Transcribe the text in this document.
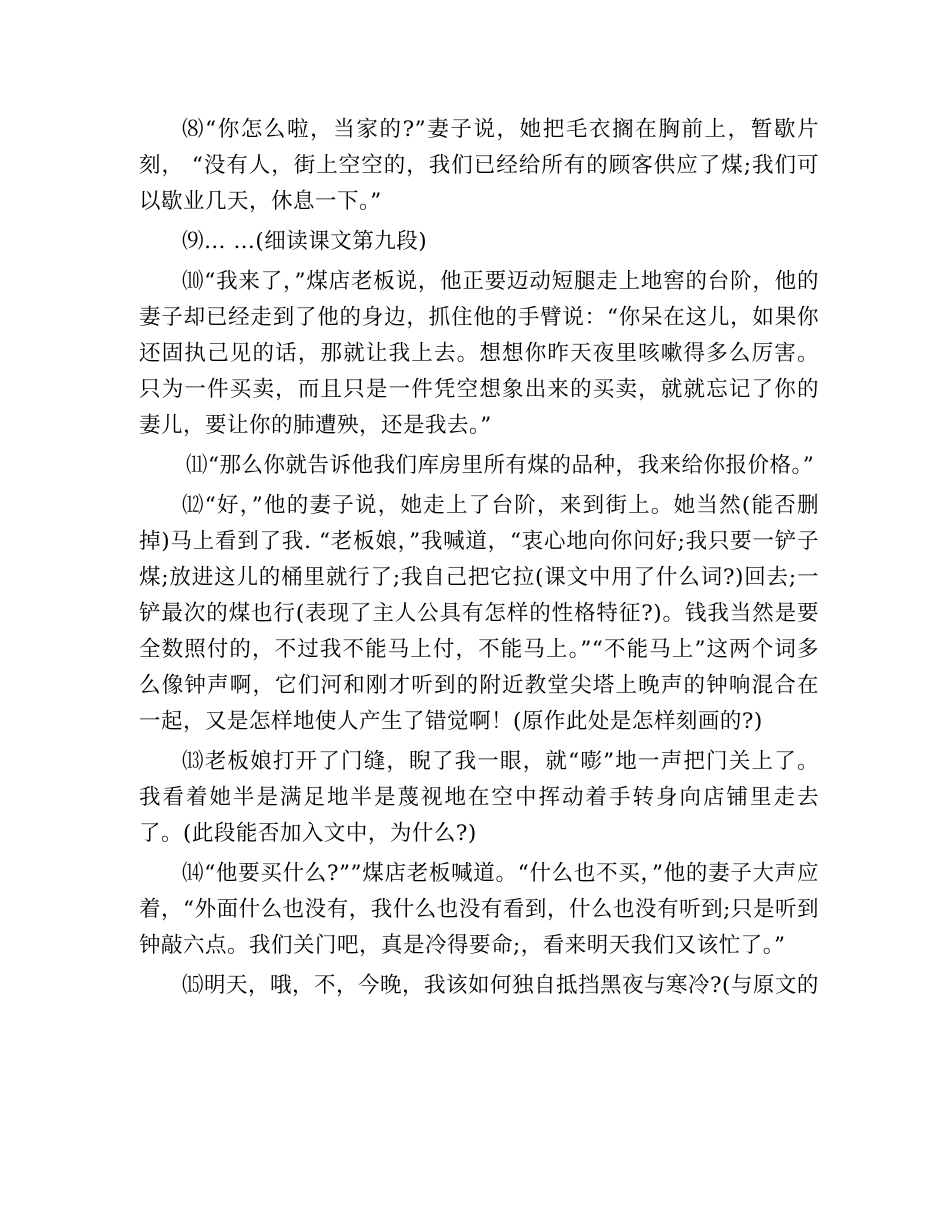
⑻“你怎么啦，当家的?”妻子说，她把毛衣搁在胸前上，暂歇片刻， “没有人，街上空空的，我们已经给所有的顾客供应了煤;我们可以歇业几天，休息一下。”

⑼… …(细读课文第九段)

⑽“我来了，”煤店老板说，他正要迈动短腿走上地窖的台阶，他的妻子却已经走到了他的身边，抓住他的手臂说：“你呆在这儿，如果你还固执己见的话，那就让我上去。想想你昨天夜里咳嗽得多么厉害。只为一件买卖，而且只是一件凭空想象出来的买卖，就就忘记了你的妻儿，要让你的肺遭殃，还是我去。”

⑾“那么你就告诉他我们库房里所有煤的品种，我来给你报价格。”

⑿“好，”他的妻子说，她走上了台阶，来到街上。她当然(能否删掉)马上看到了我. “老板娘，”我喊道，“衷心地向你问好;我只要一铲子煤;放进这儿的桶里就行了;我自己把它拉(课文中用了什么词?)回去;一铲最次的煤也行(表现了主人公具有怎样的性格特征?)。钱我当然是要全数照付的，不过我不能马上付，不能马上。”“不能马上”这两个词多么像钟声啊，它们河和刚才听到的附近教堂尖塔上晚声的钟响混合在一起，又是怎样地使人产生了错觉啊！(原作此处是怎样刻画的?)

⒀老板娘打开了门缝，睨了我一眼，就“嘭”地一声把门关上了。我看着她半是满足地半是蔑视地在空中挥动着手转身向店铺里走去了。(此段能否加入文中，为什么?)

⒁“他要买什么?””煤店老板喊道。“什么也不买，”他的妻子大声应着，“外面什么也没有，我什么也没有看到，什么也没有听到;只是听到钟敲六点。我们关门吧，真是冷得要命;，看来明天我们又该忙了。”

⒂明天，哦，不，今晚，我该如何独自抵挡黑夜与寒冷?(与原文的
